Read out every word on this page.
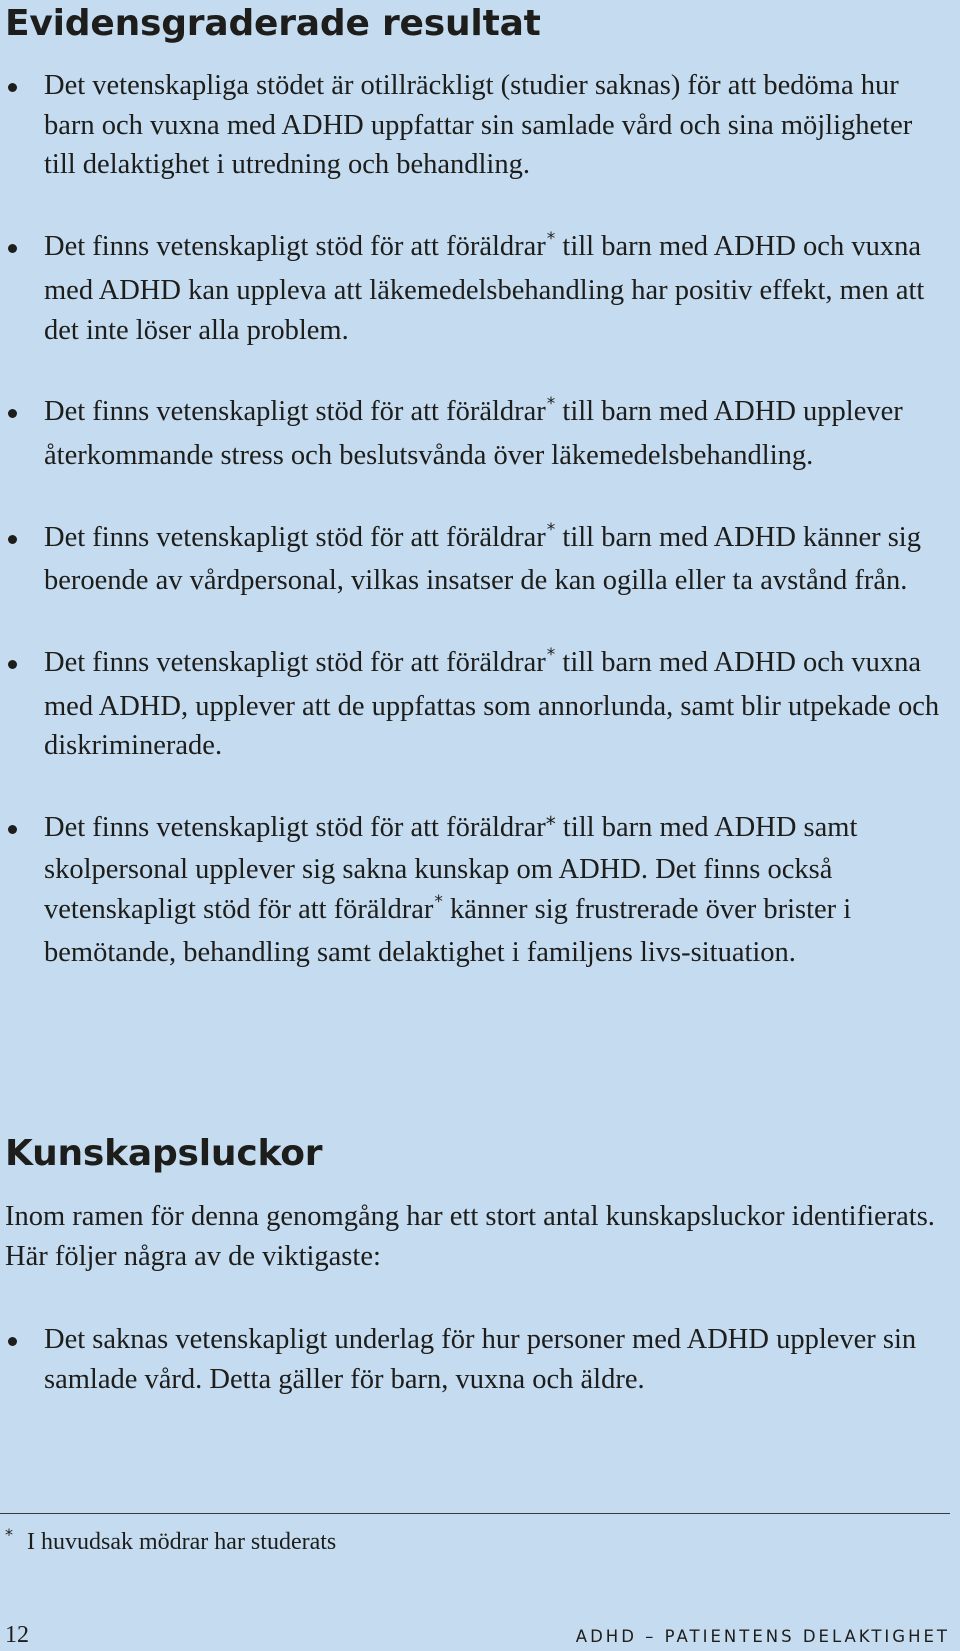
Evidensgraderade resultat
Det vetenskapliga stödet är otillräckligt (studier saknas) för att bedöma hur barn och vuxna med ADHD uppfattar sin samlade vård och sina möjligheter till delaktighet i utredning och behandling.
Det finns vetenskapligt stöd för att föräldrar* till barn med ADHD och vuxna med ADHD kan uppleva att läkemedelsbehandling har positiv effekt, men att det inte löser alla problem.
Det finns vetenskapligt stöd för att föräldrar* till barn med ADHD upplever återkommande stress och beslutsvånda över läkemedelsbehandling.
Det finns vetenskapligt stöd för att föräldrar* till barn med ADHD känner sig beroende av vårdpersonal, vilkas insatser de kan ogilla eller ta avstånd från.
Det finns vetenskapligt stöd för att föräldrar* till barn med ADHD och vuxna med ADHD, upplever att de uppfattas som annorlunda, samt blir utpekade och diskriminerade.
Det finns vetenskapligt stöd för att föräldrar* till barn med ADHD samt skolpersonal upplever sig sakna kunskap om ADHD. Det finns också vetenskapligt stöd för att föräldrar* känner sig frustrerade över brister i bemötande, behandling samt delaktighet i familjens livs-situation.
Kunskapsluckor

Inom ramen för denna genomgång har ett stort antal kunskapsluckor identifierats. Här följer några av de viktigaste:

Det saknas vetenskapligt underlag för hur personer med ADHD upplever sin samlade vård. Detta gäller för barn, vuxna och äldre.

* I huvudsak mödrar har studerats

12	ADHD – PATIENTENS DELAKTIGHET
